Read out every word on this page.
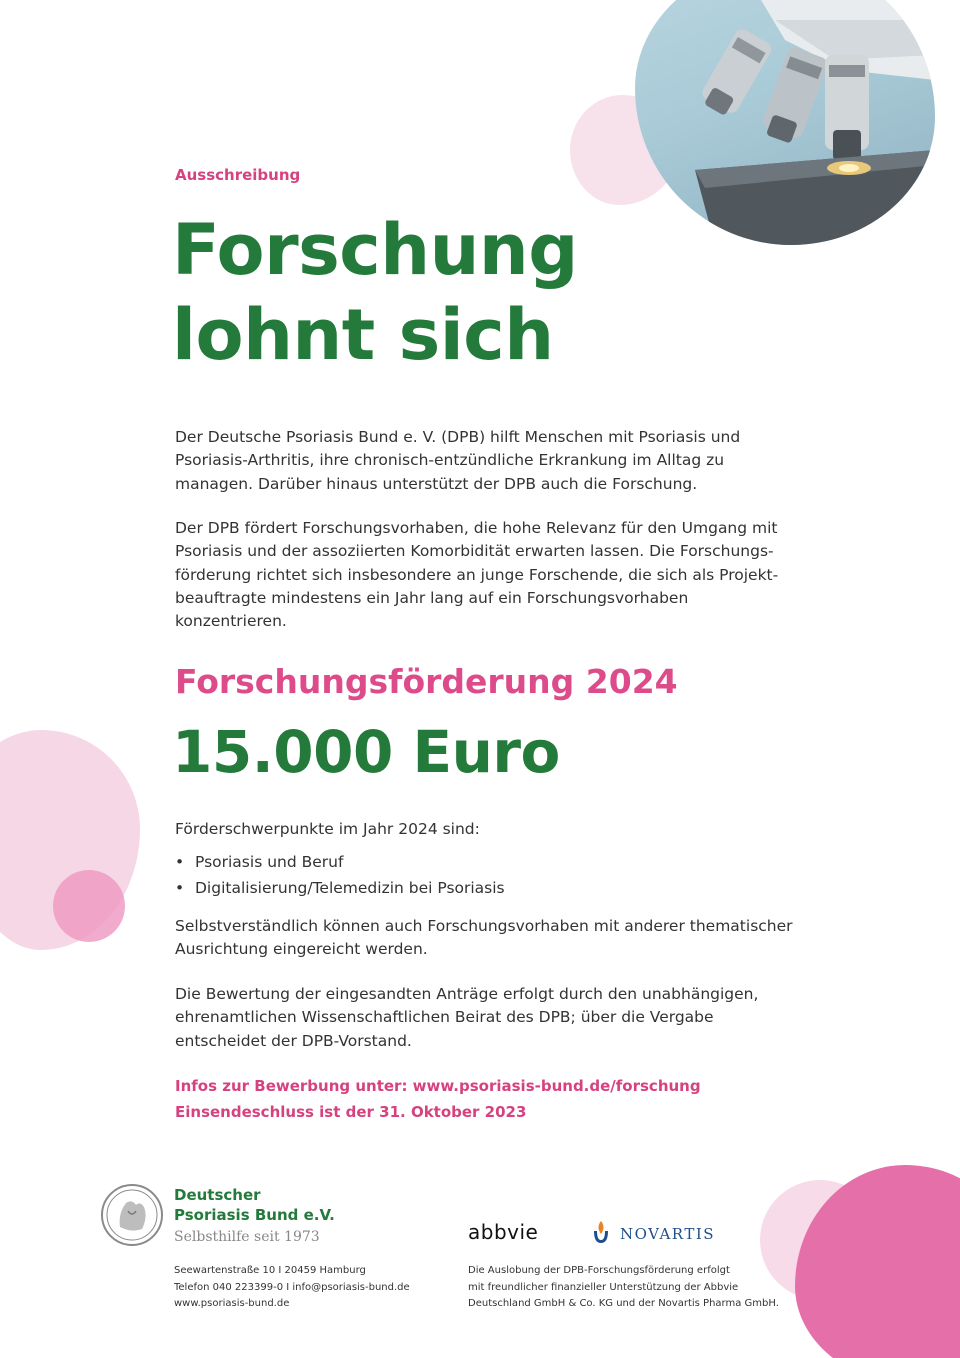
Ausschreibung
Forschung
lohnt sich

Der Deutsche Psoriasis Bund e. V. (DPB) hilft Menschen mit Psoriasis und Psoriasis-Arthritis, ihre chronisch-entzündliche Erkrankung im Alltag zu managen. Darüber hinaus unterstützt der DPB auch die Forschung.

Der DPB fördert Forschungsvorhaben, die hohe Relevanz für den Umgang mit Psoriasis und der assoziierten Komorbidität erwarten lassen. Die Forschungs-förderung richtet sich insbesondere an junge Forschende, die sich als Projekt-beauftragte mindestens ein Jahr lang auf ein Forschungsvorhaben konzentrieren.

Forschungsförderung 2024
15.000 Euro

Förderschwerpunkte im Jahr 2024 sind:

• Psoriasis und Beruf
• Digitalisierung/Telemedizin bei Psoriasis

Selbstverständlich können auch Forschungsvorhaben mit anderer thematischer Ausrichtung eingereicht werden.

Die Bewertung der eingesandten Anträge erfolgt durch den unabhängigen, ehrenamtlichen Wissenschaftlichen Beirat des DPB; über die Vergabe entscheidet der DPB-Vorstand.

Infos zur Bewerbung unter: www.psoriasis-bund.de/forschung
Einsendeschluss ist der 31. Oktober 2023
Deutscher
Psoriasis Bund e.V.
Selbsthilfe seit 1973
Seewartenstraße 10 I 20459 Hamburg
Telefon 040 223399-0 I info@psoriasis-bund.de
www.psoriasis-bund.de
abbvie	NOVARTIS
Die Auslobung der DPB-Forschungsförderung erfolgt
mit freundlicher finanzieller Unterstützung der Abbvie
Deutschland GmbH & Co. KG und der Novartis Pharma GmbH.
